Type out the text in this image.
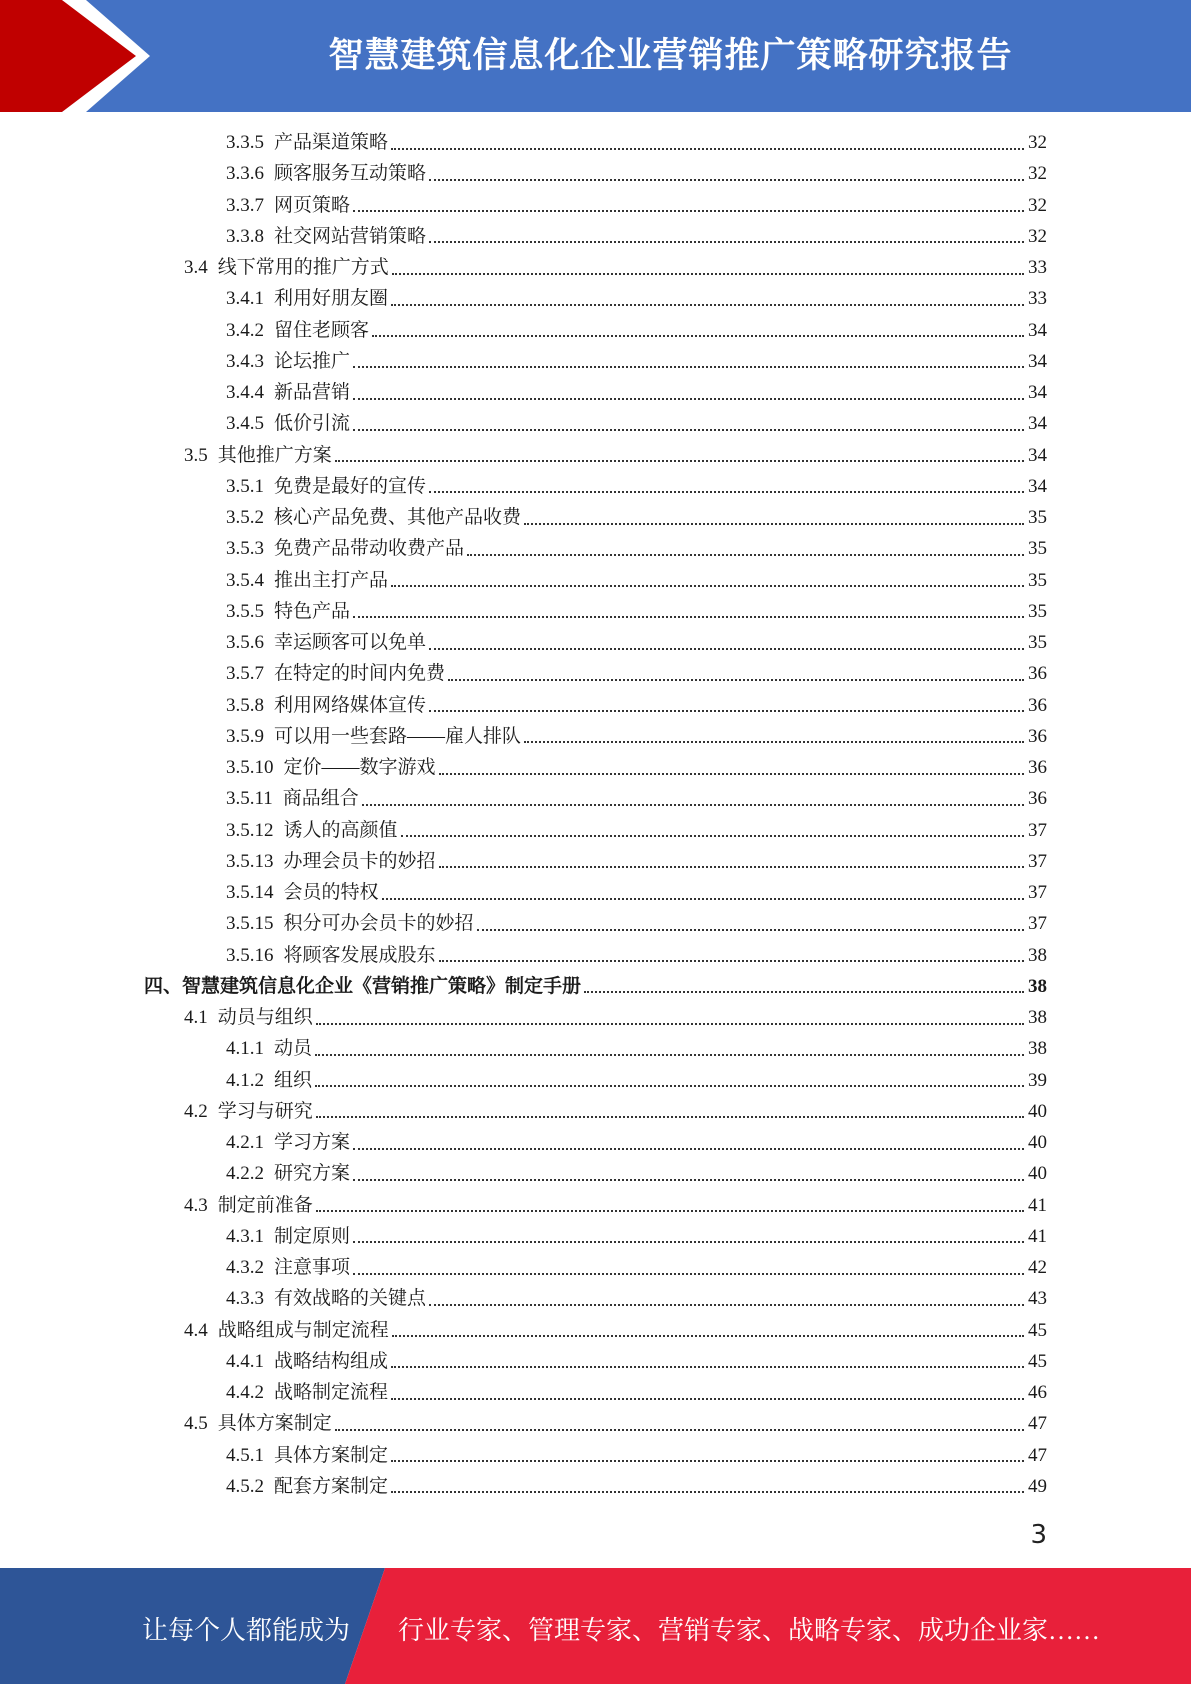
智慧建筑信息化企业营销推广策略研究报告
3.3.5 产品渠道策略	32
3.3.6 顾客服务互动策略	32
3.3.7 网页策略	32
3.3.8 社交网站营销策略	32
3.4 线下常用的推广方式	33
3.4.1 利用好朋友圈	33
3.4.2 留住老顾客	34
3.4.3 论坛推广	34
3.4.4 新品营销	34
3.4.5 低价引流	34
3.5 其他推广方案	34
3.5.1 免费是最好的宣传	34
3.5.2 核心产品免费、其他产品收费	35
3.5.3 免费产品带动收费产品	35
3.5.4 推出主打产品	35
3.5.5 特色产品	35
3.5.6 幸运顾客可以免单	35
3.5.7 在特定的时间内免费	36
3.5.8 利用网络媒体宣传	36
3.5.9 可以用一些套路——雇人排队	36
3.5.10 定价——数字游戏	36
3.5.11 商品组合	36
3.5.12 诱人的高颜值	37
3.5.13 办理会员卡的妙招	37
3.5.14 会员的特权	37
3.5.15 积分可办会员卡的妙招	37
3.5.16 将顾客发展成股东	38
四、 智慧建筑信息化企业《营销推广策略》制定手册	38
4.1 动员与组织	38
4.1.1 动员	38
4.1.2 组织	39
4.2 学习与研究	40
4.2.1 学习方案	40
4.2.2 研究方案	40
4.3 制定前准备	41
4.3.1 制定原则	41
4.3.2 注意事项	42
4.3.3 有效战略的关键点	43
4.4 战略组成与制定流程	45
4.4.1 战略结构组成	45
4.4.2 战略制定流程	46
4.5 具体方案制定	47
4.5.1 具体方案制定	47
4.5.2 配套方案制定	49
3
让每个人都能成为 行业专家、管理专家、营销专家、战略专家、成功企业家……
